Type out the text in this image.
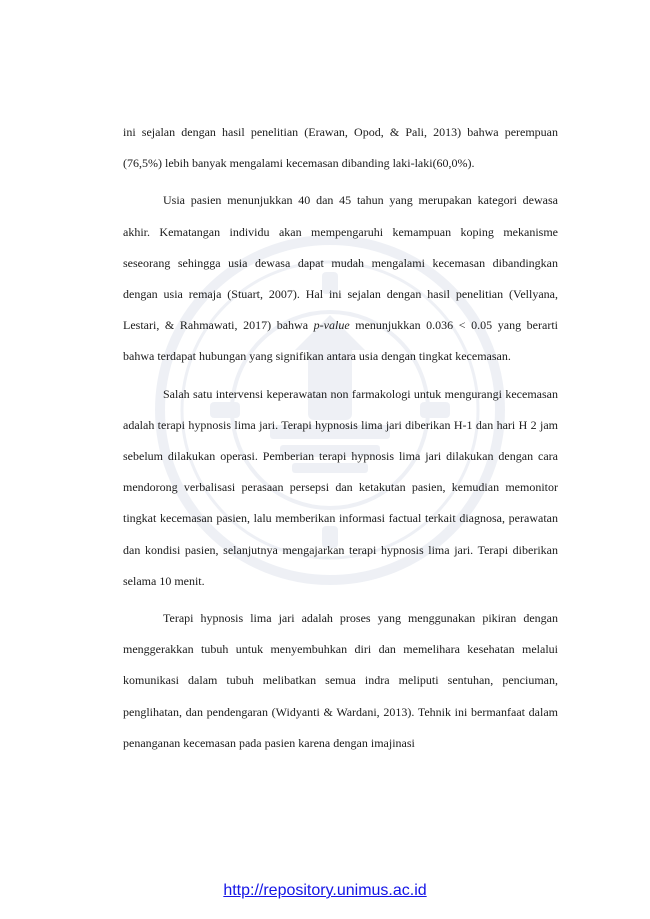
ini sejalan dengan hasil penelitian (Erawan, Opod, & Pali, 2013) bahwa perempuan (76,5%) lebih banyak mengalami kecemasan dibanding laki-laki(60,0%).

Usia pasien menunjukkan 40 dan 45 tahun yang merupakan kategori dewasa akhir. Kematangan individu akan mempengaruhi kemampuan koping mekanisme seseorang sehingga usia dewasa dapat mudah mengalami kecemasan dibandingkan dengan usia remaja (Stuart, 2007). Hal ini sejalan dengan hasil penelitian (Vellyana, Lestari, & Rahmawati, 2017) bahwa p-value menunjukkan 0.036 < 0.05 yang berarti bahwa terdapat hubungan yang signifikan antara usia dengan tingkat kecemasan.

Salah satu intervensi keperawatan non farmakologi untuk mengurangi kecemasan adalah terapi hypnosis lima jari. Terapi hypnosis lima jari diberikan H-1 dan hari H 2 jam sebelum dilakukan operasi. Pemberian terapi hypnosis lima jari dilakukan dengan cara mendorong verbalisasi perasaan persepsi dan ketakutan pasien, kemudian memonitor tingkat kecemasan pasien, lalu memberikan informasi factual terkait diagnosa, perawatan dan kondisi pasien, selanjutnya mengajarkan terapi hypnosis lima jari. Terapi diberikan selama 10 menit.

Terapi hypnosis lima jari adalah proses yang menggunakan pikiran dengan menggerakkan tubuh untuk menyembuhkan diri dan memelihara kesehatan melalui komunikasi dalam tubuh melibatkan semua indra meliputi sentuhan, penciuman, penglihatan, dan pendengaran (Widyanti & Wardani, 2013). Tehnik ini bermanfaat dalam penanganan kecemasan pada pasien karena dengan imajinasi

http://repository.unimus.ac.id
